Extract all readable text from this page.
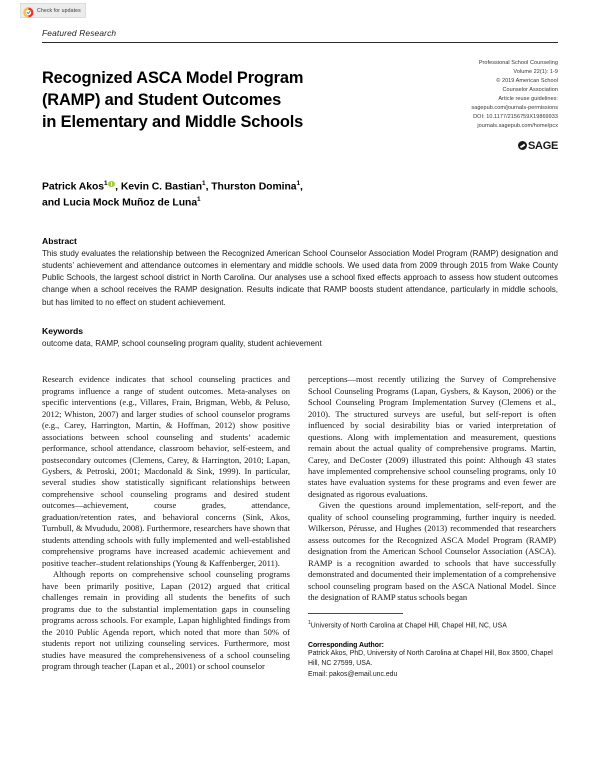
Check for updates
Featured Research
Recognized ASCA Model Program
(RAMP) and Student Outcomes
in Elementary and Middle Schools
Professional School Counseling
Volume 22(1): 1-9
© 2019 American School
Counselor Association
Article reuse guidelines:
sagepub.com/journals-permissions
DOI: 10.1177/2156759X19869933
journals.sagepub.com/home/pcx
SAGE
Patrick Akos$^1$ , Kevin C. Bastian$^1$, Thurston Domina$^1$,
and Lucia Mock Muñoz de Luna$^1$
Abstract
This study evaluates the relationship between the Recognized American School Counselor Association Model Program (RAMP) designation and students’ achievement and attendance outcomes in elementary and middle schools. We used data from 2009 through 2015 from Wake County Public Schools, the largest school district in North Carolina. Our analyses use a school fixed effects approach to assess how student outcomes change when a school receives the RAMP designation. Results indicate that RAMP boosts student attendance, particularly in middle schools, but has limited to no effect on student achievement.
Keywords
outcome data, RAMP, school counseling program quality, student achievement

Research evidence indicates that school counseling practices and programs influence a range of student outcomes. Meta-analyses on specific interventions (e.g., Villares, Frain, Brigman, Webb, & Peluso, 2012; Whiston, 2007) and larger studies of school counselor programs (e.g., Carey, Harrington, Martin, & Hoffman, 2012) show positive associations between school counseling and students’ academic performance, school attendance, classroom behavior, self-esteem, and postsecondary outcomes (Clemens, Carey, & Harrington, 2010; Lapan, Gysbers, & Petroski, 2001; Macdonald & Sink, 1999). In particular, several studies show statistically significant relationships between comprehensive school counseling programs and desired student outcomes—achievement, course grades, attendance, graduation/retention rates, and behavioral concerns (Sink, Akos, Turnbull, & Mvududu, 2008). Furthermore, researchers have shown that students attending schools with fully implemented and well-established comprehensive programs have increased academic achievement and positive teacher–student relationships (Young & Kaffenberger, 2011).

Although reports on comprehensive school counseling programs have been primarily positive, Lapan (2012) argued that critical challenges remain in providing all students the benefits of such programs due to the substantial implementation gaps in counseling programs across schools. For example, Lapan highlighted findings from the 2010 Public Agenda report, which noted that more than 50% of students report not utilizing counseling services. Furthermore, most studies have measured the comprehensiveness of a school counseling program through teacher (Lapan et al., 2001) or school counselor

perceptions—most recently utilizing the Survey of Comprehensive School Counseling Programs (Lapan, Gysbers, & Kayson, 2006) or the School Counseling Program Implementation Survey (Clemens et al., 2010). The structured surveys are useful, but self-report is often influenced by social desirability bias or varied interpretation of questions. Along with implementation and measurement, questions remain about the actual quality of comprehensive programs. Martin, Carey, and DeCoster (2009) illustrated this point: Although 43 states have implemented comprehensive school counseling programs, only 10 states have evaluation systems for these programs and even fewer are designated as rigorous evaluations.

Given the questions around implementation, self-report, and the quality of school counseling programming, further inquiry is needed. Wilkerson, Pérusse, and Hughes (2013) recommended that researchers assess outcomes for the Recognized ASCA Model Program (RAMP) designation from the American School Counselor Association (ASCA). RAMP is a recognition awarded to schools that have successfully demonstrated and documented their implementation of a comprehensive school counseling program based on the ASCA National Model. Since the designation of RAMP status schools began

$^1$University of North Carolina at Chapel Hill, Chapel Hill, NC, USA
Corresponding Author:
Patrick Akos, PhD, University of North Carolina at Chapel Hill, Box 3500, Chapel Hill, NC 27599, USA.
Email: pakos@email.unc.edu
